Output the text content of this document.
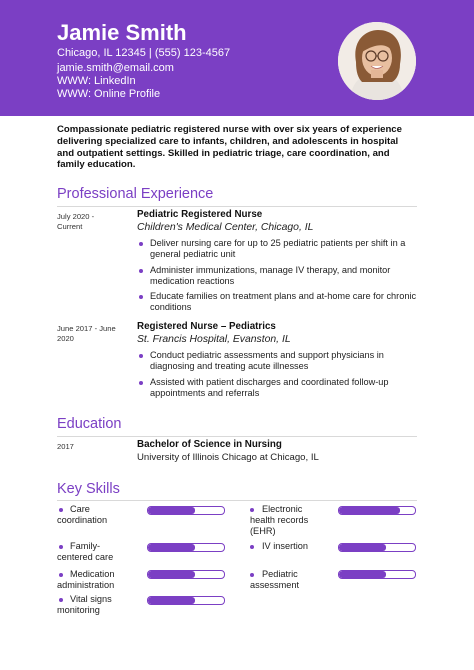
Jamie Smith
Chicago, IL 12345 | (555) 123-4567
jamie.smith@email.com
WWW: LinkedIn
WWW: Online Profile
Compassionate pediatric registered nurse with over six years of experience delivering specialized care to infants, children, and adolescents in hospital and outpatient settings. Skilled in pediatric triage, care coordination, and family education.
Professional Experience
July 2020 -
Current
Pediatric Registered Nurse
Children's Medical Center, Chicago, IL
Deliver nursing care for up to 25 pediatric patients per shift in a general pediatric unit
Administer immunizations, manage IV therapy, and monitor medication reactions
Educate families on treatment plans and at-home care for chronic conditions
June 2017 - June
2020
Registered Nurse – Pediatrics
St. Francis Hospital, Evanston, IL
Conduct pediatric assessments and support physicians in diagnosing and treating acute illnesses
Assisted with patient discharges and coordinated follow-up appointments and referrals
Education
2017	Bachelor of Science in Nursing
University of Illinois Chicago at Chicago, IL
Key Skills
Care
coordination
Family-
centered care
Medication
administration
Vital signs
monitoring
Electronic
health records
(EHR)
IV insertion
Pediatric
assessment
